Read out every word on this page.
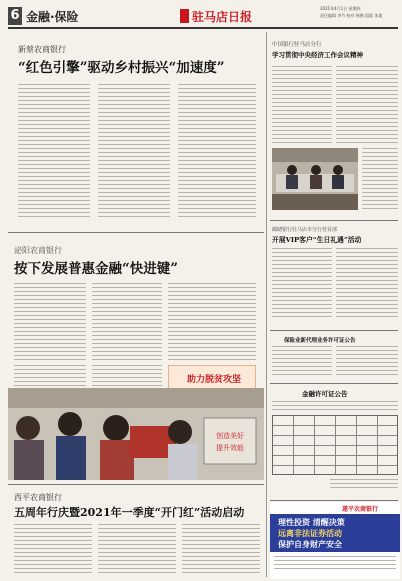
6 金融·保险	驻马店日报
2021年4月1日 星期四
责任编辑 李竹 校对 杨鹤 组版 朱俊
新蔡农商银行
“红色引擎”驱动乡村振兴“加速度”
泌阳农商银行
按下发展普惠金融“快进键”
助力脱贫攻坚
创造美好
提升效能
西平农商银行
五周年行庆暨2021年一季度“开门红”活动启动
中国银行驻马店分行
学习贯彻中央经济工作会议精神
邮储银行驻马店市分行营业部
开展VIP客户“生日礼遇”活动
保险业新代理业务许可证公告
金融许可证公告
遂平农商银行
理性投资 清醒决策
远离非法证券活动
保护自身财产安全
